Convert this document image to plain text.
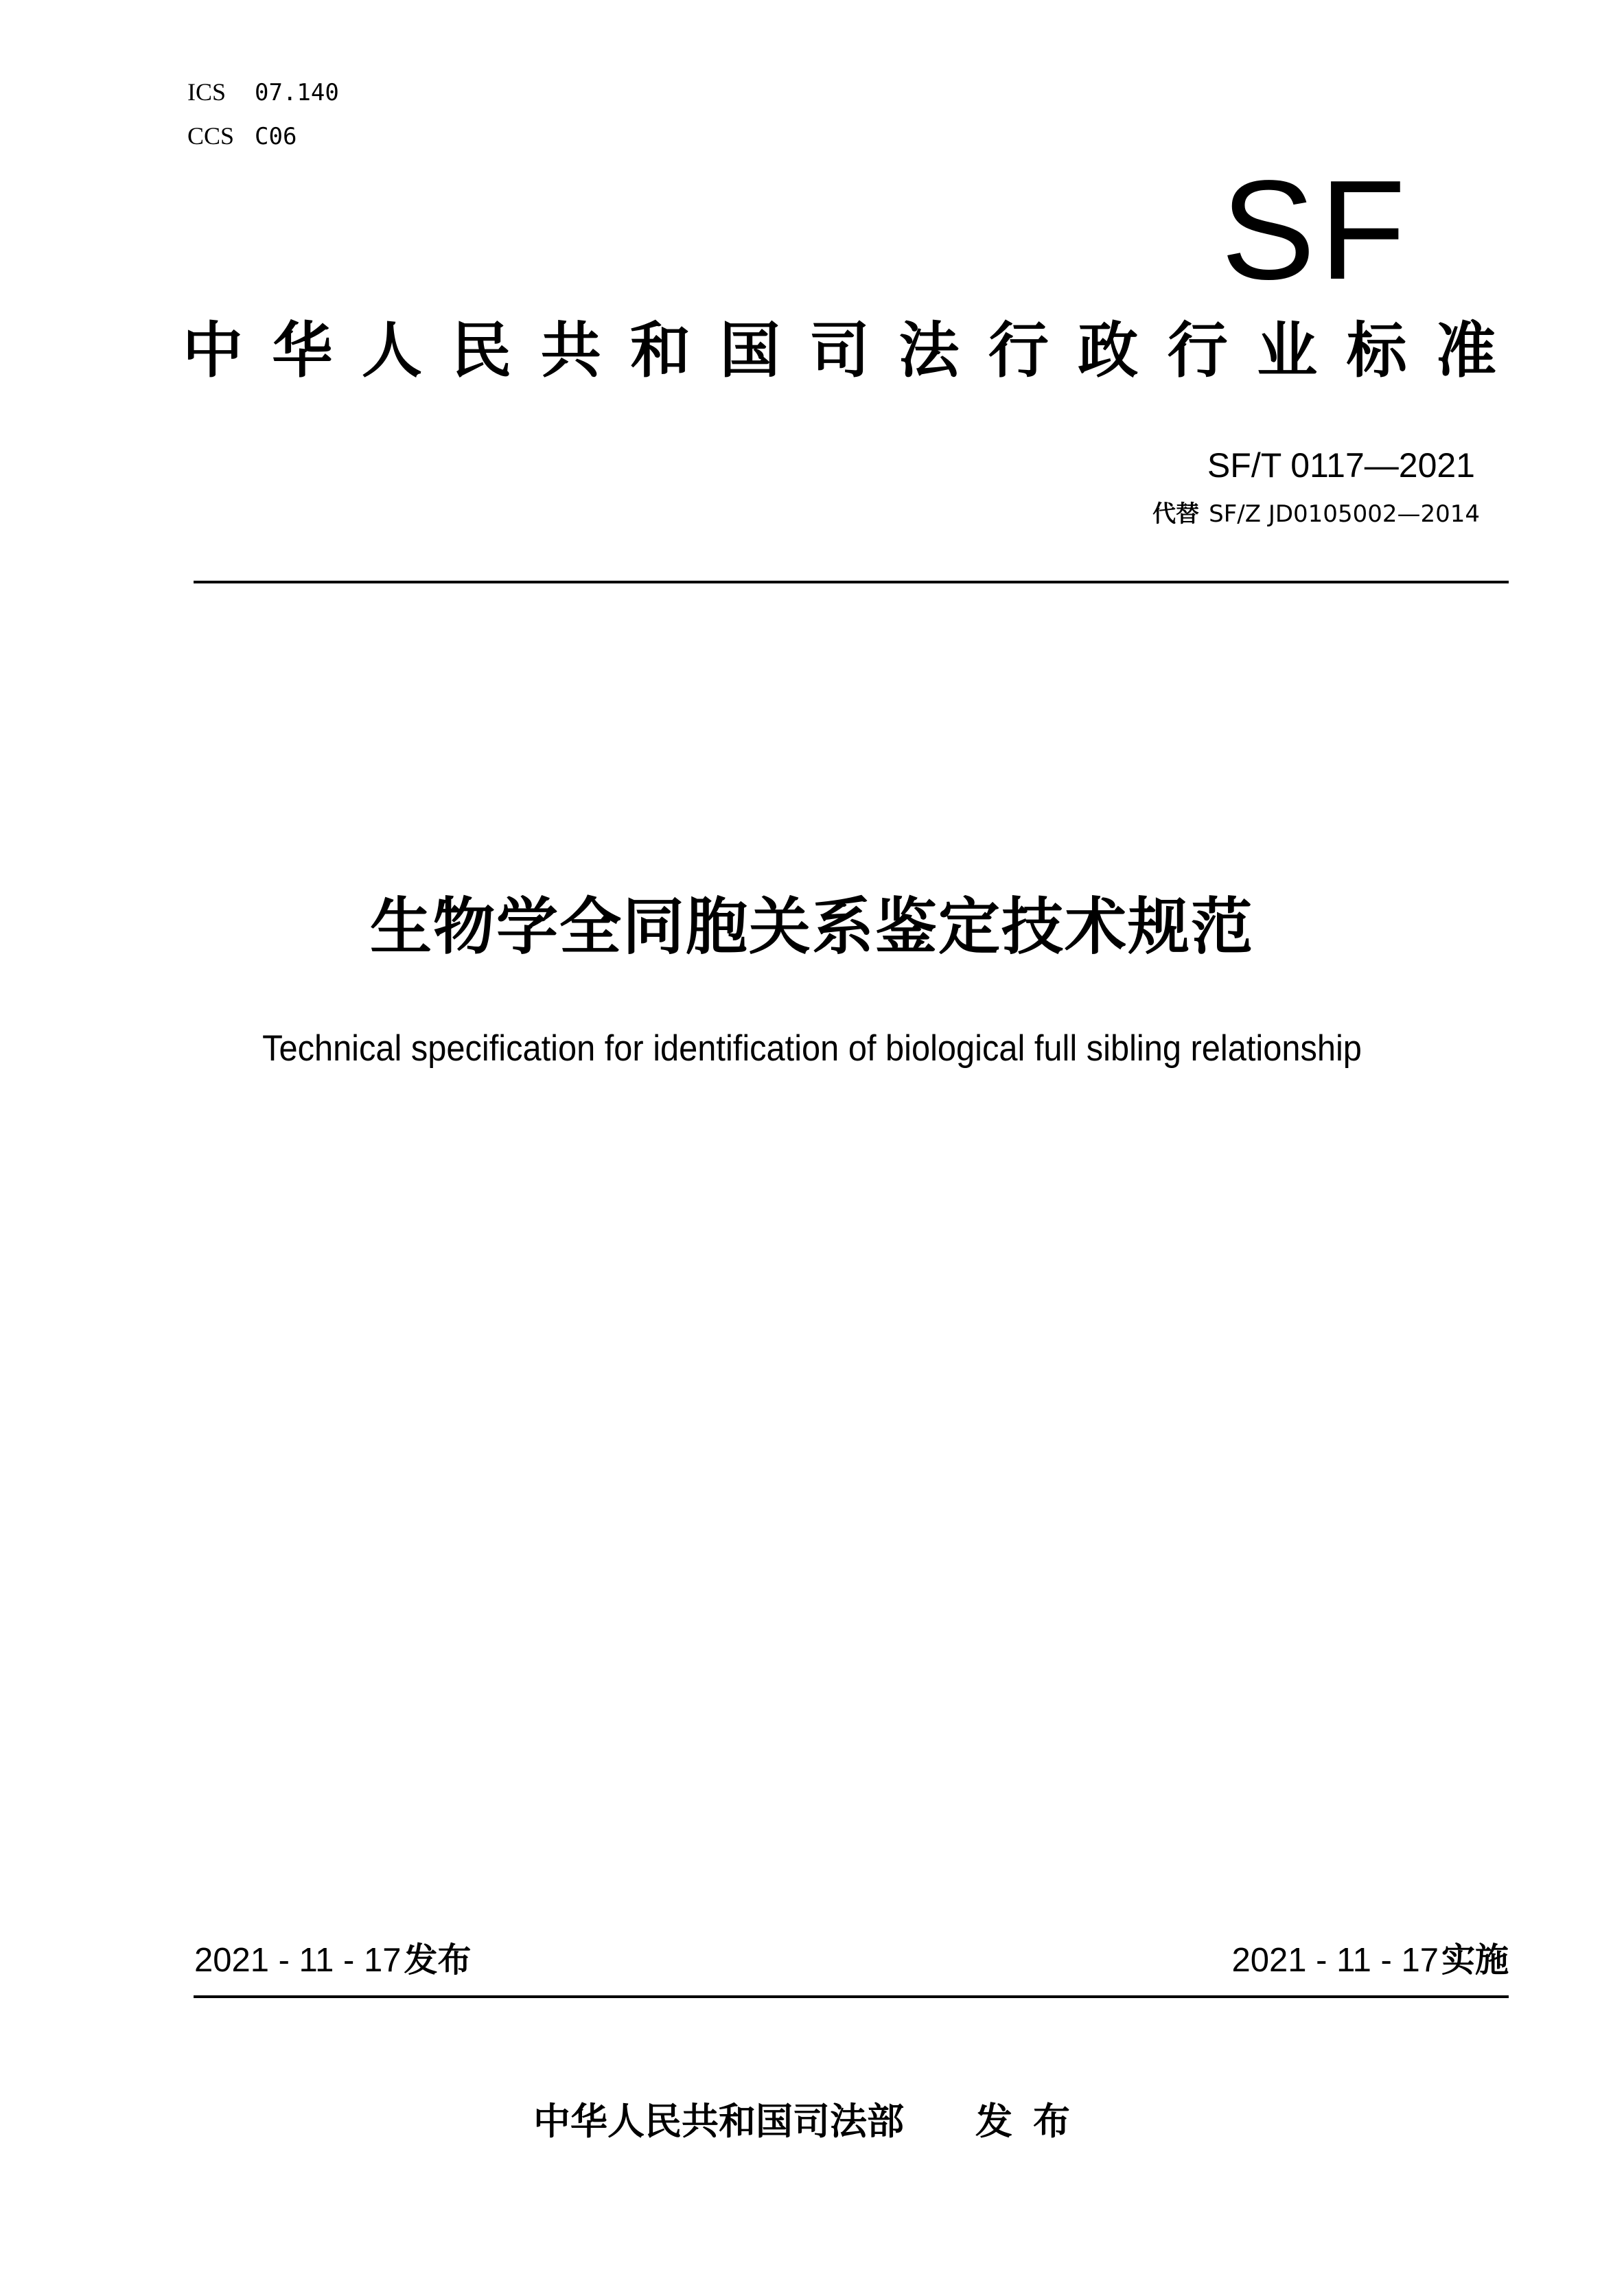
ICS 07.140
CCS C06
SF
中 华 人 民 共 和 国 司 法 行 政 行 业 标 准
SF/T 0117—2021
代替 SF/Z JD0105002—2014
生物学全同胞关系鉴定技术规范
Technical specification for identification of biological full sibling relationship
2021 - 11 - 17发布	2021 - 11 - 17实施
中华人民共和国司法部 发布
